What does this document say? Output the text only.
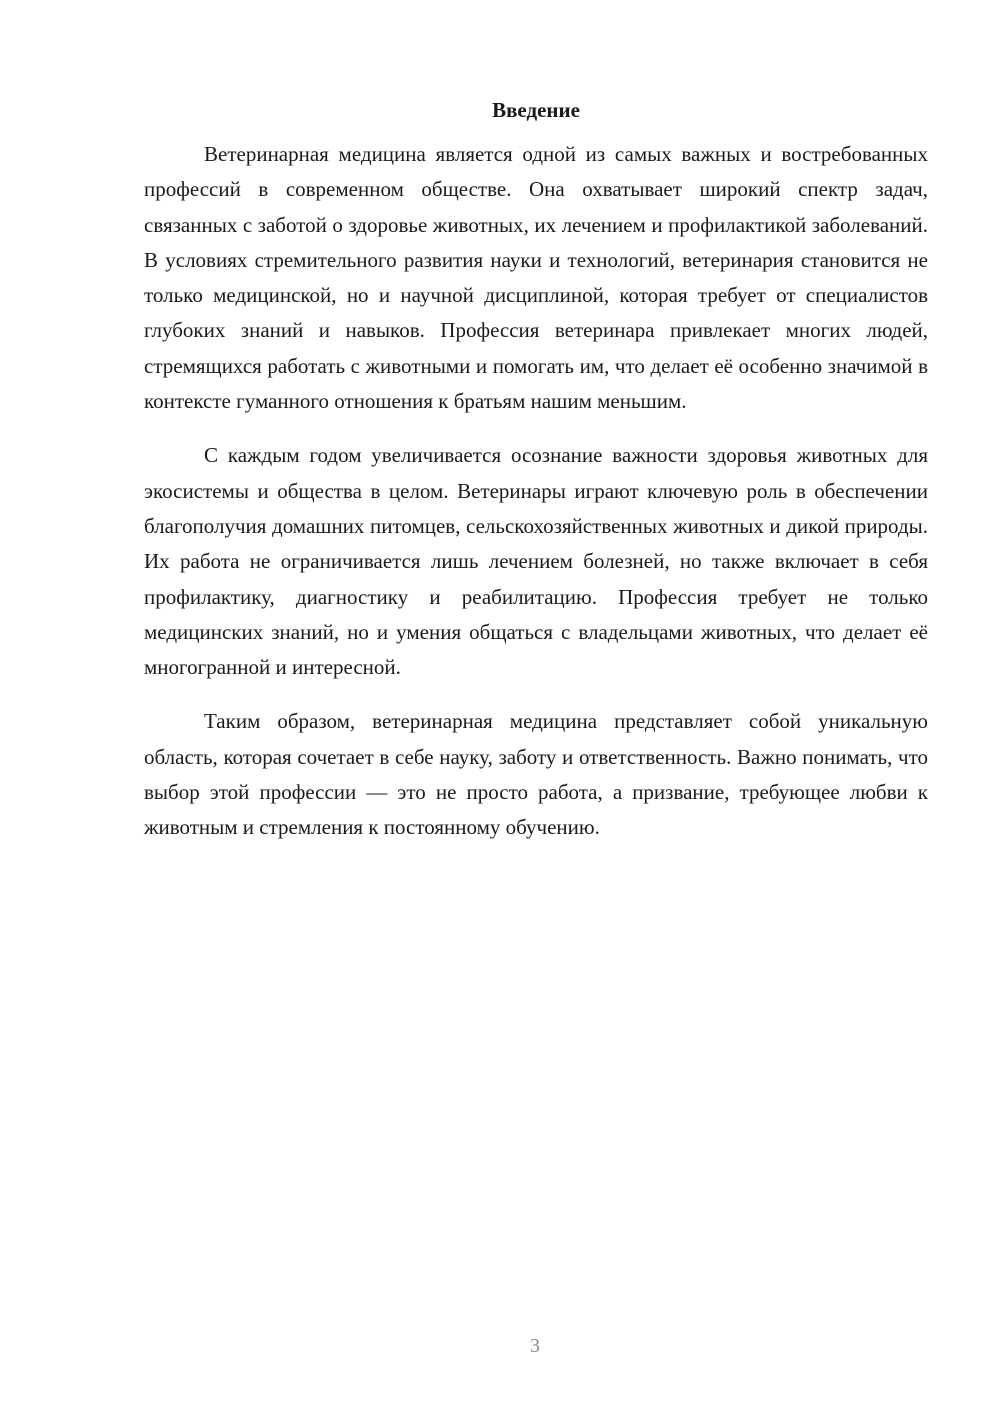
Введение

Ветеринарная медицина является одной из самых важных и востребованных профессий в современном обществе. Она охватывает широкий спектр задач, связанных с заботой о здоровье животных, их лечением и профилактикой заболеваний. В условиях стремительного развития науки и технологий, ветеринария становится не только медицинской, но и научной дисциплиной, которая требует от специалистов глубоких знаний и навыков. Профессия ветеринара привлекает многих людей, стремящихся работать с животными и помогать им, что делает её особенно значимой в контексте гуманного отношения к братьям нашим меньшим.

С каждым годом увеличивается осознание важности здоровья животных для экосистемы и общества в целом. Ветеринары играют ключевую роль в обеспечении благополучия домашних питомцев, сельскохозяйственных животных и дикой природы. Их работа не ограничивается лишь лечением болезней, но также включает в себя профилактику, диагностику и реабилитацию. Профессия требует не только медицинских знаний, но и умения общаться с владельцами животных, что делает её многогранной и интересной.

Таким образом, ветеринарная медицина представляет собой уникальную область, которая сочетает в себе науку, заботу и ответственность. Важно понимать, что выбор этой профессии — это не просто работа, а призвание, требующее любви к животным и стремления к постоянному обучению.

3
